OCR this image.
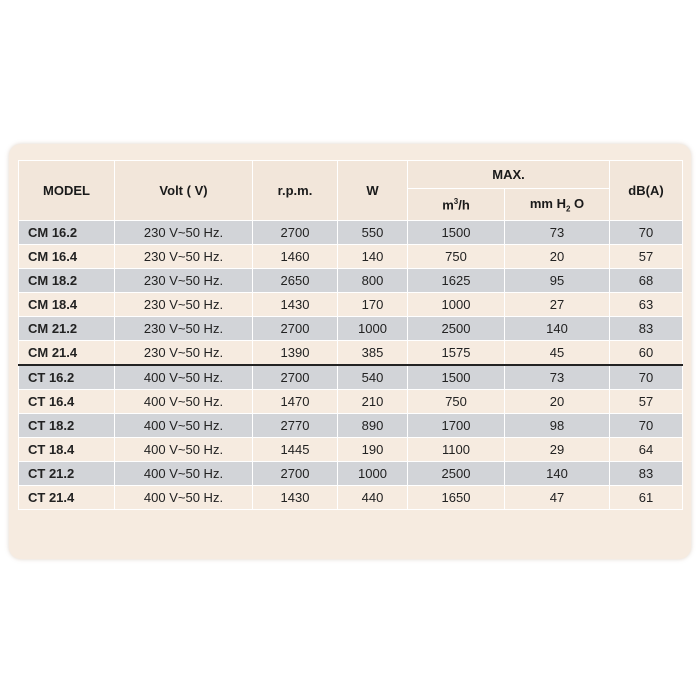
MODEL	Volt ( V)	r.p.m.	W	MAX.		dB(A)
				$m^3/h$	mm $H_2$ O	
CM 16.2	230 V~50 Hz.	2700	550	1500	73	70
CM 16.4	230 V~50 Hz.	1460	140	750	20	57
CM 18.2	230 V~50 Hz.	2650	800	1625	95	68
CM 18.4	230 V~50 Hz.	1430	170	1000	27	63
CM 21.2	230 V~50 Hz.	2700	1000	2500	140	83
CM 21.4	230 V~50 Hz.	1390	385	1575	45	60
CT 16.2	400 V~50 Hz.	2700	540	1500	73	70
CT 16.4	400 V~50 Hz.	1470	210	750	20	57
CT 18.2	400 V~50 Hz.	2770	890	1700	98	70
CT 18.4	400 V~50 Hz.	1445	190	1100	29	64
CT 21.2	400 V~50 Hz.	2700	1000	2500	140	83
CT 21.4	400 V~50 Hz.	1430	440	1650	47	61
